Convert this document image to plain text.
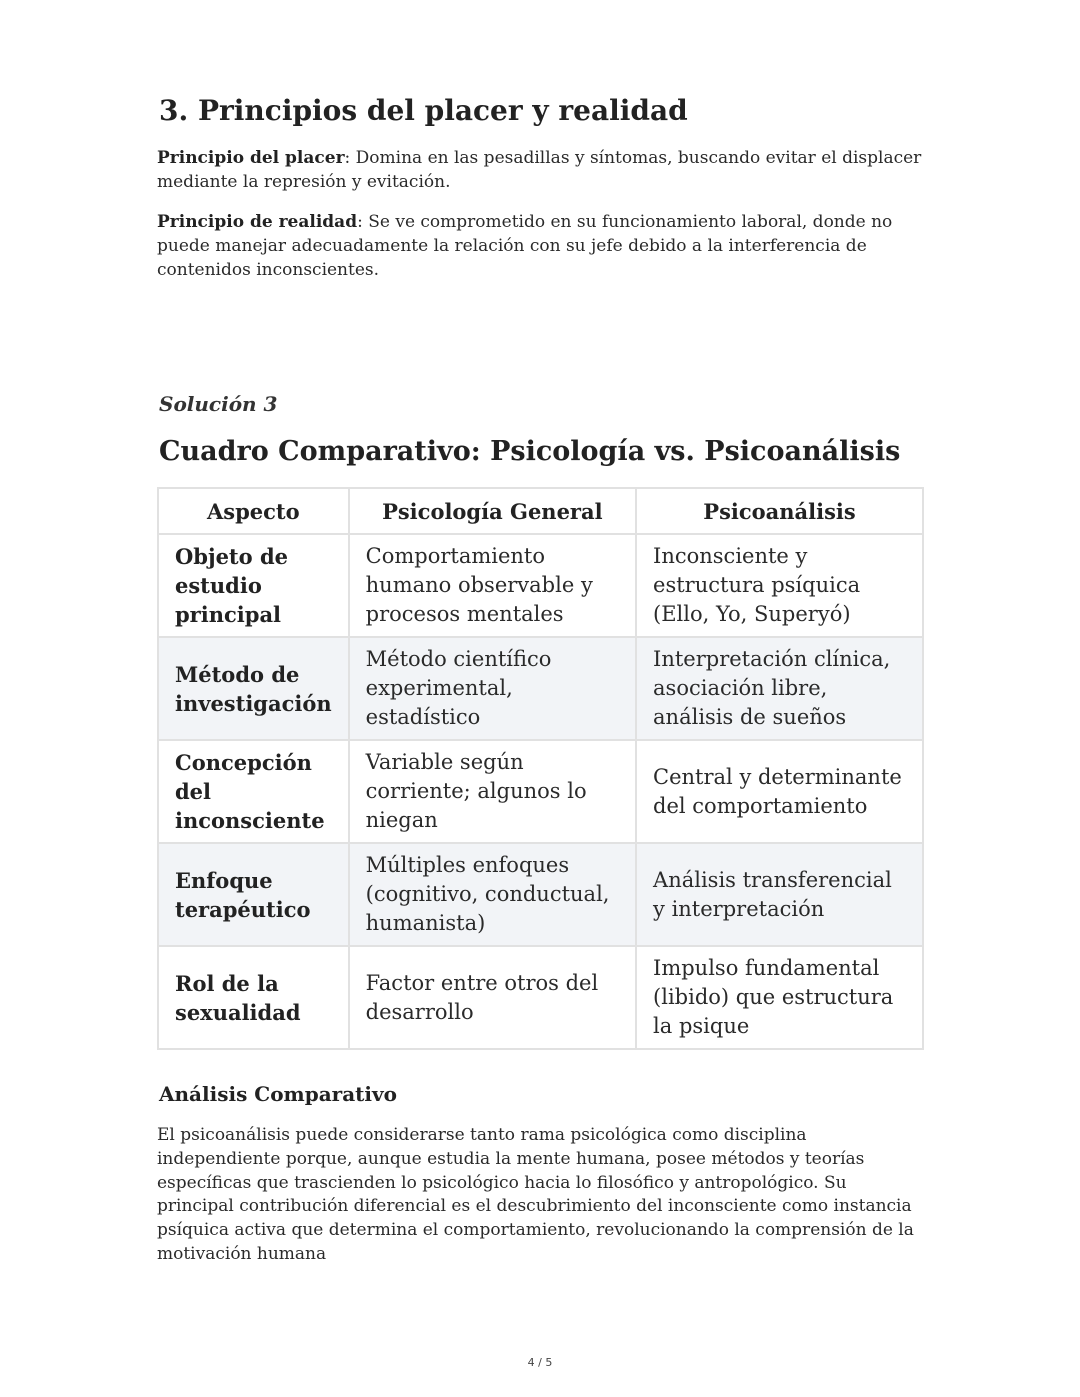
3. Principios del placer y realidad

Principio del placer: Domina en las pesadillas y síntomas, buscando evitar el displacer mediante la represión y evitación.

Principio de realidad: Se ve comprometido en su funcionamiento laboral, donde no puede manejar adecuadamente la relación con su jefe debido a la interferencia de contenidos inconscientes.

Solución 3
Cuadro Comparativo: Psicología vs. Psicoanálisis
Aspecto	Psicología General	Psicoanálisis
Objeto de estudio principal	Comportamiento humano observable y procesos mentales	Inconsciente y estructura psíquica (Ello, Yo, Superyó)
Método de investigación	Método científico experimental, estadístico	Interpretación clínica, asociación libre, análisis de sueños
Concepción del inconsciente	Variable según corriente; algunos lo niegan	Central y determinante del comportamiento
Enfoque terapéutico	Múltiples enfoques (cognitivo, conductual, humanista)	Análisis transferencial y interpretación
Rol de la sexualidad	Factor entre otros del desarrollo	Impulso fundamental (libido) que estructura la psique
Análisis Comparativo

El psicoanálisis puede considerarse tanto rama psicológica como disciplina independiente porque, aunque estudia la mente humana, posee métodos y teorías específicas que trascienden lo psicológico hacia lo filosófico y antropológico. Su principal contribución diferencial es el descubrimiento del inconsciente como instancia psíquica activa que determina el comportamiento, revolucionando la comprensión de la motivación humana

4 / 5
